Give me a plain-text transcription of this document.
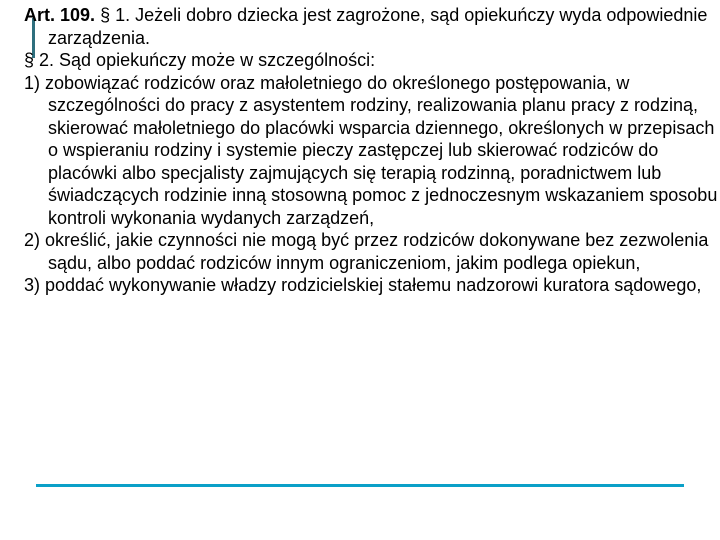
Art. 109. § 1. Jeżeli dobro dziecka jest zagrożone, sąd opiekuńczy wyda odpowiednie zarządzenia.

§ 2. Sąd opiekuńczy może w szczególności:

1) zobowiązać rodziców oraz małoletniego do określonego postępowania, w szczególności do pracy z asystentem rodziny, realizowania planu pracy z rodziną, skierować małoletniego do placówki wsparcia dziennego, określonych w przepisach o wspieraniu rodziny i systemie pieczy zastępczej lub skierować rodziców do placówki albo specjalisty zajmujących się terapią rodzinną, poradnictwem lub świadczących rodzinie inną stosowną pomoc z jednoczesnym wskazaniem sposobu kontroli wykonania wydanych zarządzeń,

2) określić, jakie czynności nie mogą być przez rodziców dokonywane bez zezwolenia sądu, albo poddać rodziców innym ograniczeniom, jakim podlega opiekun,

3) poddać wykonywanie władzy rodzicielskiej stałemu nadzorowi kuratora sądowego,
